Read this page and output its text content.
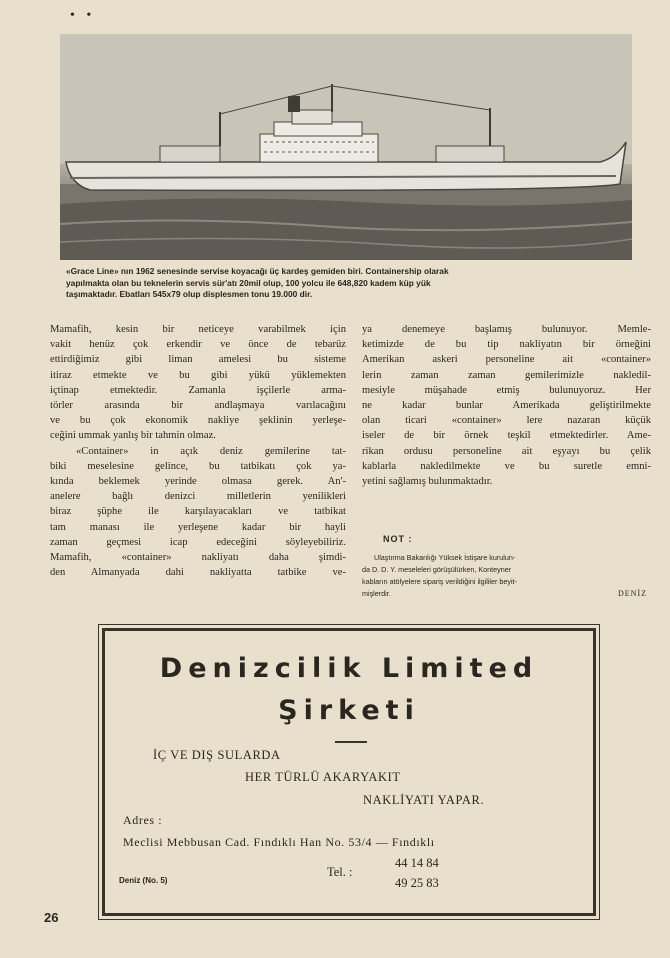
• •
«Grace Line» nın 1962 senesinde servise koyacağı üç kardeş gemiden biri. Containership olarak
yapılmakta olan bu teknelerin servis sür'atı 20mil olup, 100 yolcu ile 648,820 kadem küp yük
taşımaktadır. Ebatları 545x79 olup displesmen tonu 19.000 dir.

Mamafih, kesin bir neticeye varabilmek için
vakit henüz çok erkendir ve önce de tebarüz
ettirdiğimiz gibi liman amelesi bu sisteme
itiraz etmekte ve bu gibi yükü yüklemekten
içtinap etmektedir. Zamanla işçilerle arma-
törler arasında bir andlaşmaya varılacağını
ve bu çok ekonomik nakliye şeklinin yerleşe-
ceğini ummak yanlış bir tahmin olmaz.

«Container» in açık deniz gemilerine tat-
biki meselesine gelince, bu tatbikatı çok ya-
kında beklemek yerinde olmasa gerek. An'-
anelere bağlı denizci milletlerin yenilikleri
biraz şüphe ile karşılayacakları ve tatbikat
tam manası ile yerleşene kadar bir hayli
zaman geçmesi icap edeceğini söyleyebiliriz.
Mamafih, «container» nakliyatı daha şimdi-
den Almanyada dahi nakliyatta tatbike ve-

ya denemeye başlamış bulunuyor. Memle-
ketimizde de bu tip nakliyatın bir örneğini
Amerikan askeri personeline ait «container»
lerin zaman zaman gemilerimizle nakledil-
mesiyle müşahade etmiş bulunuyoruz. Her
ne kadar bunlar Amerikada geliştirilmekte
olan ticari «container» lere nazaran küçük
iseler de bir örnek teşkil etmektedirler. Ame-
rikan ordusu personeline ait eşyayı bu çelik
kablarla nakledilmekte ve bu suretle emni-
yetini sağlamış bulunmaktadır.

NOT :
Ulaştırma Bakanlığı Yüksek İstişare kurulun-
da D. D. Y. meseleleri görüşülürken, Konteyner
kabların atölyelere sipariş verildiğini ilgililer beyit-
mişlerdir.	DENİZ
Denizcilik Limited
Şirketi
İÇ VE DIŞ SULARDA
HER TÜRLÜ AKARYAKIT
NAKLİYATI YAPAR.
Adres :
Meclisi Mebbusan Cad. Fındıklı Han No. 53/4 — Fındıklı
Deniz (No. 5)
Tel. :
44 14 84
49 25 83
26
